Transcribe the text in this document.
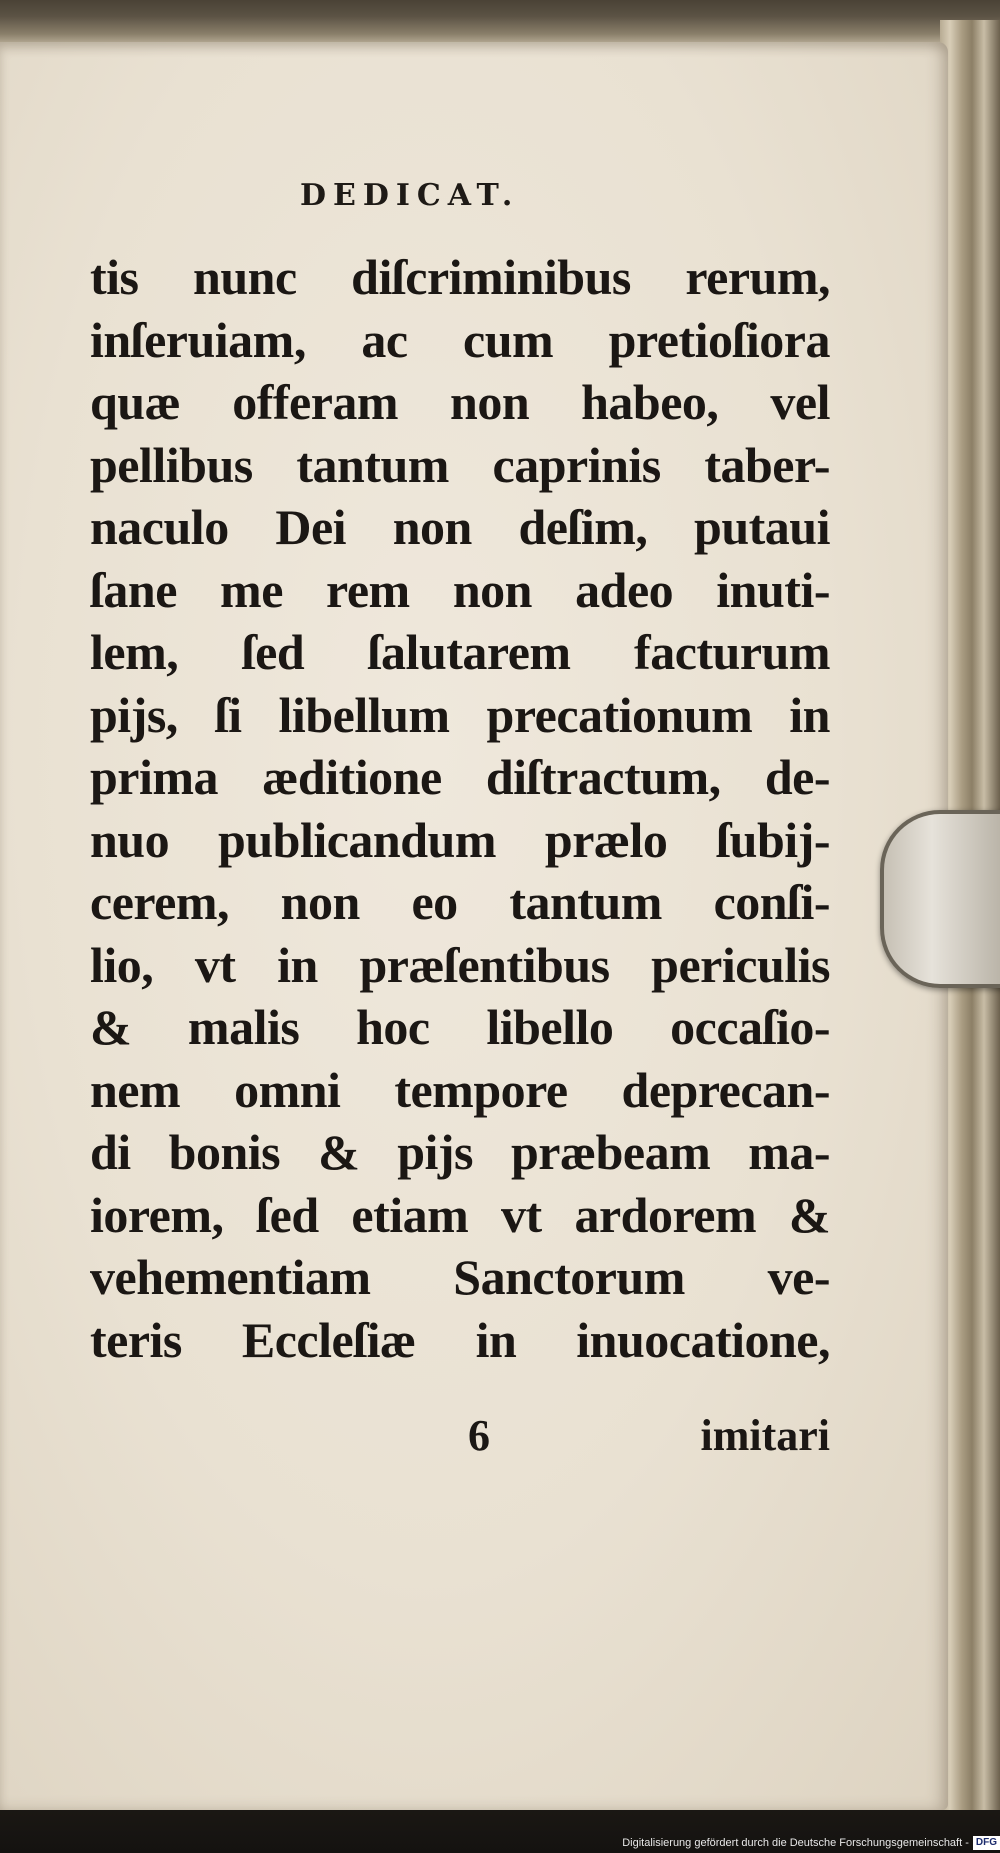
DEDICAT.
tis nunc diſcriminibus rerum,
inſeruiam, ac cum pretioſiora
quæ offeram non habeo, vel
pellibus tantum caprinis taber-
naculo Dei non deſim, putaui
ſane me rem non adeo inuti-
lem, ſed ſalutarem facturum
pijs, ſi libellum precationum in
prima æditione diſtractum, de-
nuo publicandum prælo ſubij-
cerem, non eo tantum conſi-
lio, vt in præſentibus periculis
& malis hoc libello occaſio-
nem omni tempore deprecan-
di bonis & pijs præbeam ma-
iorem, ſed etiam vt ardorem &
vehementiam Sanctorum ve-
teris Eccleſiæ in inuocatione,
6	imitari
Digitalisierung gefördert durch die Deutsche Forschungsgemeinschaft - DFG
